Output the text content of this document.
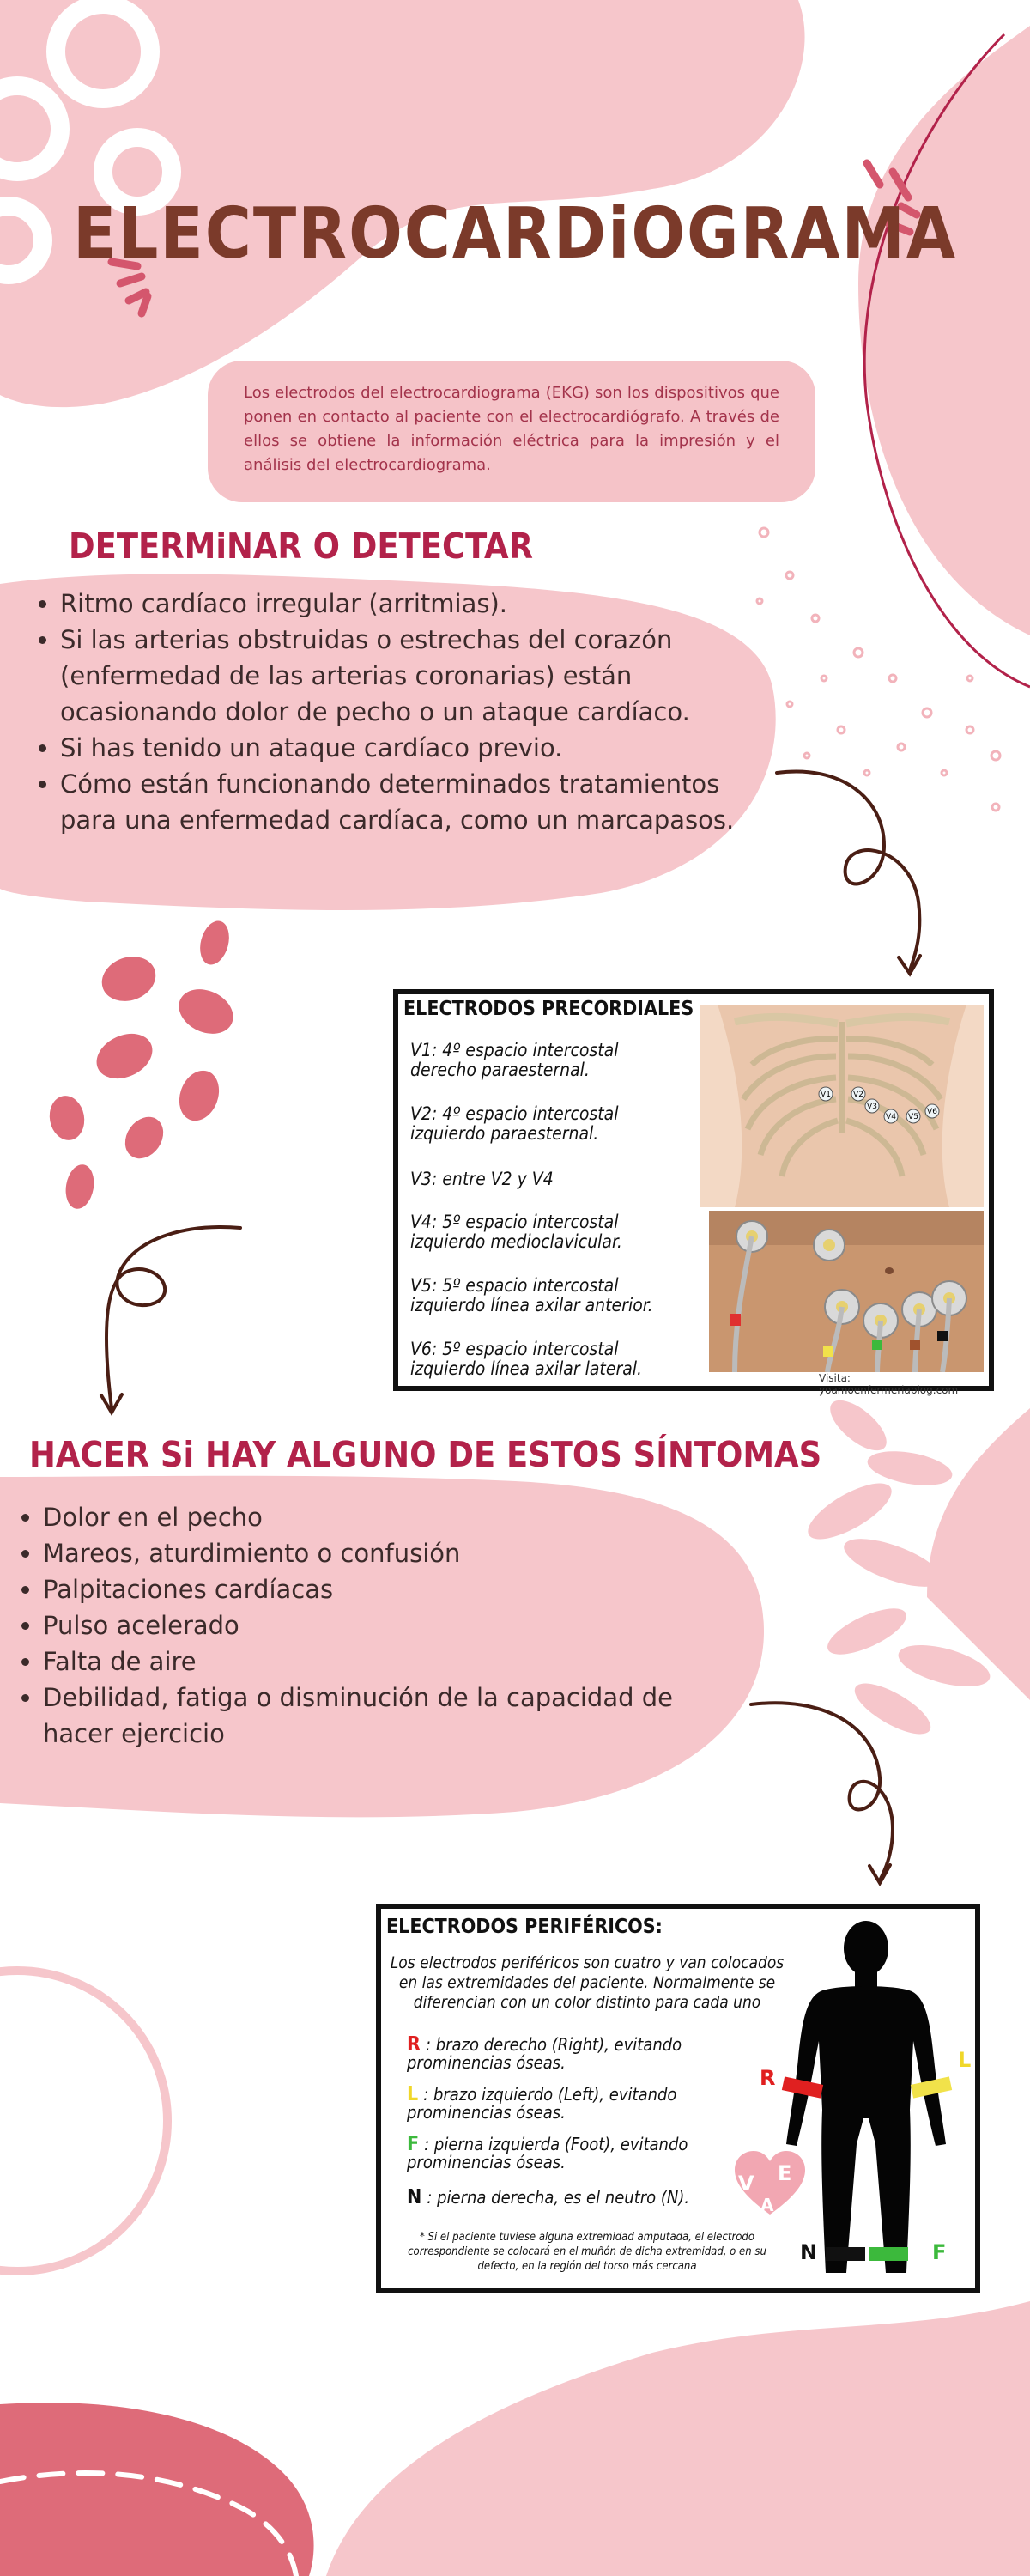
ELECTROCARDiOGRAMA
Los electrodos del electrocardiograma (EKG) son los dispositivos que ponen en contacto al paciente con el electrocardiógrafo. A través de ellos se obtiene la información eléctrica para la impresión y el análisis del electrocardiograma.
DETERMiNAR O DETECTAR
• Ritmo cardíaco irregular (arritmias).
• Si las arterias obstruidas o estrechas del corazón (enfermedad de las arterias coronarias) están ocasionando dolor de pecho o un ataque cardíaco.
• Si has tenido un ataque cardíaco previo.
• Cómo están funcionando determinados tratamientos para una enfermedad cardíaca, como un marcapasos.
ELECTRODOS PRECORDIALES
V1: 4º espacio intercostal derecho paraesternal.
V2: 4º espacio intercostal izquierdo paraesternal.
V3: entre V2 y V4
V4: 5º espacio intercostal izquierdo medioclavicular.
V5: 5º espacio intercostal izquierdo línea axilar anterior.
V6: 5º espacio intercostal izquierdo línea axilar lateral.
V1	V2
V3
V4 V5
V6
Visita: yoamoenfermeriablog.com
HACER Si HAY ALGUNO DE ESTOS SÍNTOMAS
• Dolor en el pecho
• Mareos, aturdimiento o confusión
• Palpitaciones cardíacas
• Pulso acelerado
• Falta de aire
• Debilidad, fatiga o disminución de la capacidad de hacer ejercicio
ELECTRODOS PERIFÉRICOS:
Los electrodos periféricos son cuatro y van colocados en las extremidades del paciente. Normalmente se diferencian con un color distinto para cada uno
R : brazo derecho (Right), evitando prominencias óseas.
L : brazo izquierdo (Left), evitando prominencias óseas.
F : pierna izquierda (Foot), evitando prominencias óseas.
N : pierna derecha, es el neutro (N).
V E
A
* Si el paciente tuviese alguna extremidad amputada, el electrodo correspondiente se colocará en el muñón de dicha extremidad, o en su defecto, en la región del torso más cercana
R
L
N	F
